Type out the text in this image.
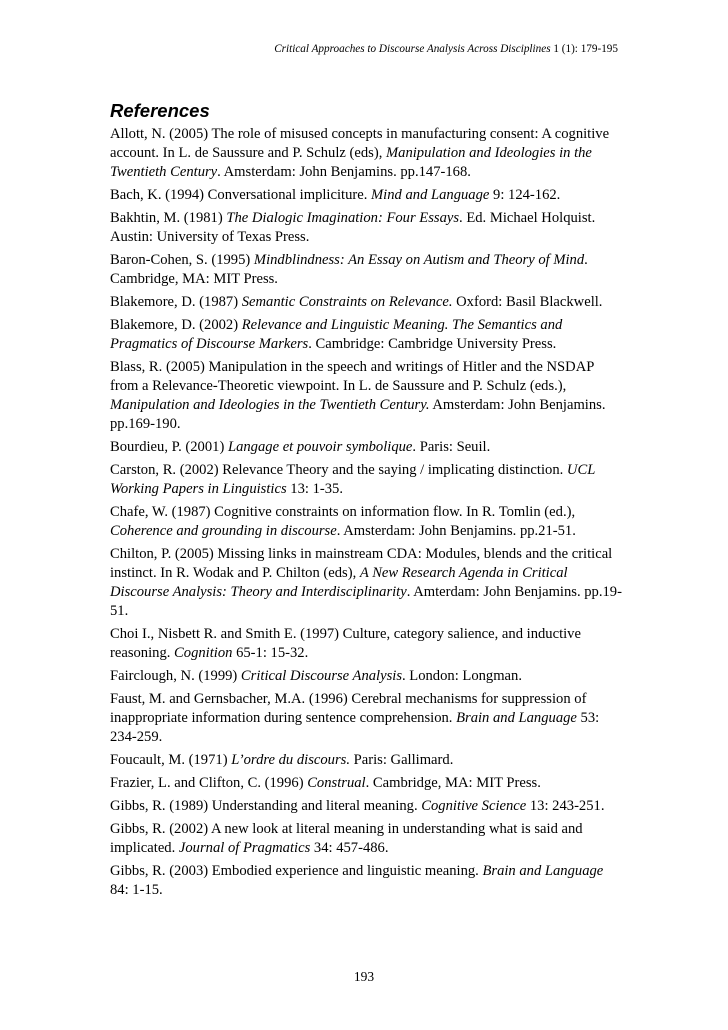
Critical Approaches to Discourse Analysis Across Disciplines 1 (1): 179-195
References
Allott, N. (2005) The role of misused concepts in manufacturing consent: A cognitive account. In L. de Saussure and P. Schulz (eds), Manipulation and Ideologies in the Twentieth Century. Amsterdam: John Benjamins. pp.147-168.
Bach, K. (1994) Conversational impliciture. Mind and Language 9: 124-162.
Bakhtin, M. (1981) The Dialogic Imagination: Four Essays. Ed. Michael Holquist. Austin: University of Texas Press.
Baron-Cohen, S. (1995) Mindblindness: An Essay on Autism and Theory of Mind. Cambridge, MA: MIT Press.
Blakemore, D. (1987) Semantic Constraints on Relevance. Oxford: Basil Blackwell.
Blakemore, D. (2002) Relevance and Linguistic Meaning. The Semantics and Pragmatics of Discourse Markers. Cambridge: Cambridge University Press.
Blass, R. (2005) Manipulation in the speech and writings of Hitler and the NSDAP from a Relevance-Theoretic viewpoint. In L. de Saussure and P. Schulz (eds.), Manipulation and Ideologies in the Twentieth Century. Amsterdam: John Benjamins. pp.169-190.
Bourdieu, P. (2001) Langage et pouvoir symbolique. Paris: Seuil.
Carston, R. (2002) Relevance Theory and the saying / implicating distinction. UCL Working Papers in Linguistics 13: 1-35.
Chafe, W. (1987) Cognitive constraints on information flow. In R. Tomlin (ed.), Coherence and grounding in discourse. Amsterdam: John Benjamins. pp.21-51.
Chilton, P. (2005) Missing links in mainstream CDA: Modules, blends and the critical instinct. In R. Wodak and P. Chilton (eds), A New Research Agenda in Critical Discourse Analysis: Theory and Interdisciplinarity. Amterdam: John Benjamins. pp.19-51.
Choi I., Nisbett R. and Smith E. (1997) Culture, category salience, and inductive reasoning. Cognition 65-1: 15-32.
Fairclough, N. (1999) Critical Discourse Analysis. London: Longman.
Faust, M. and Gernsbacher, M.A. (1996) Cerebral mechanisms for suppression of inappropriate information during sentence comprehension. Brain and Language 53: 234-259.
Foucault, M. (1971) L’ordre du discours. Paris: Gallimard.
Frazier, L. and Clifton, C. (1996) Construal. Cambridge, MA: MIT Press.
Gibbs, R. (1989) Understanding and literal meaning. Cognitive Science 13: 243-251.
Gibbs, R. (2002) A new look at literal meaning in understanding what is said and implicated. Journal of Pragmatics 34: 457-486.
Gibbs, R. (2003) Embodied experience and linguistic meaning. Brain and Language 84: 1-15.
193
